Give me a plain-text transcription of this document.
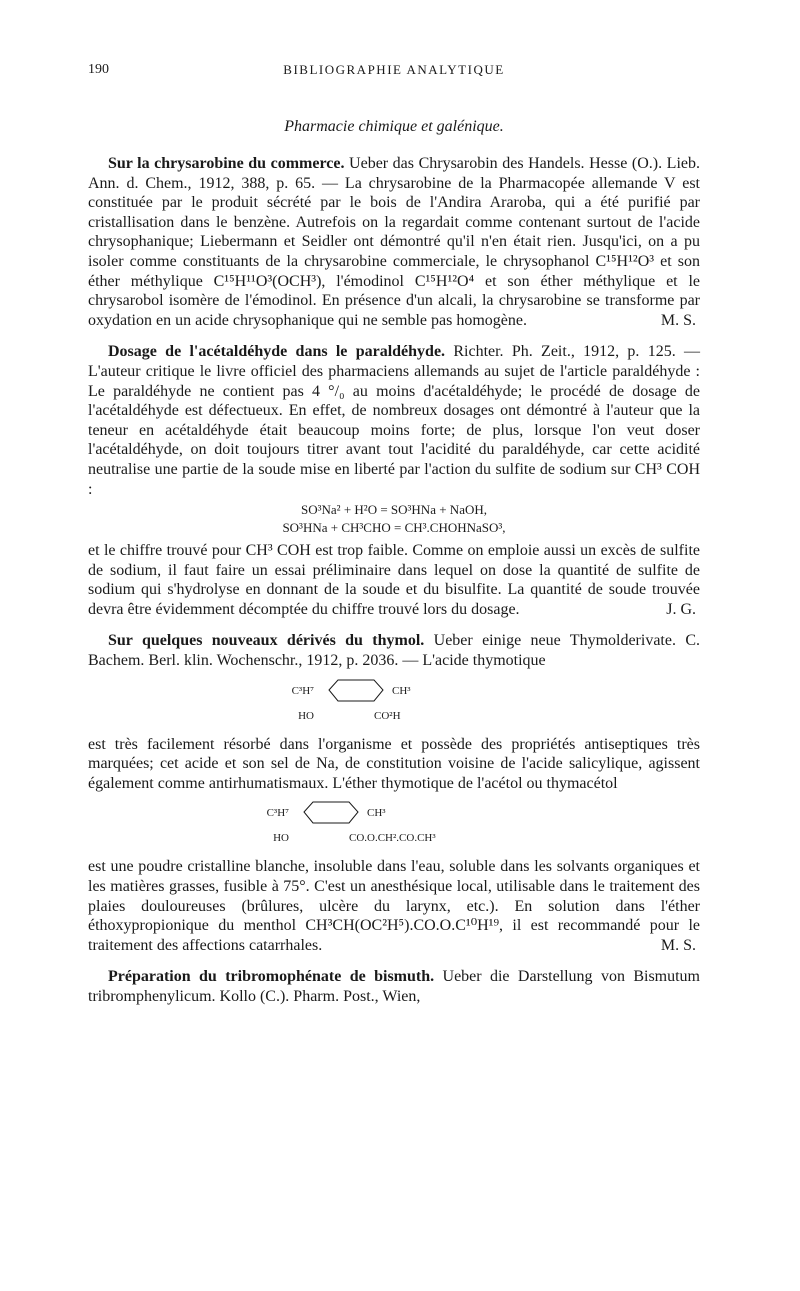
190	BIBLIOGRAPHIE ANALYTIQUE
Pharmacie chimique et galénique.

Sur la chrysarobine du commerce. Ueber das Chrysarobin des Handels. Hesse (O.). Lieb. Ann. d. Chem., 1912, 388, p. 65. — La chrysarobine de la Pharmacopée allemande V est constituée par le produit sécrété par le bois de l'Andira Araroba, qui a été purifié par cristallisation dans le benzène. Autrefois on la regardait comme contenant surtout de l'acide chrysophanique; Liebermann et Seidler ont démontré qu'il n'en était rien. Jusqu'ici, on a pu isoler comme constituants de la chrysarobine commerciale, le chrysophanol C¹⁵H¹²O³ et son éther méthylique C¹⁵H¹¹O³(OCH³), l'émodinol C¹⁵H¹²O⁴ et son éther méthylique et le chrysarobol isomère de l'émodinol. En présence d'un alcali, la chrysarobine se transforme par oxydation en un acide chrysophanique qui ne semble pas homogène.	M. S.

Dosage de l'acétaldéhyde dans le paraldéhyde. Richter. Ph. Zeit., 1912, p. 125. — L'auteur critique le livre officiel des pharmaciens allemands au sujet de l'article paraldéhyde : Le paraldéhyde ne contient pas 4 °/₀ au moins d'acétaldéhyde; le procédé de dosage de l'acétaldéhyde est défectueux. En effet, de nombreux dosages ont démontré à l'auteur que la teneur en acétaldéhyde était beaucoup moins forte; de plus, lorsque l'on veut doser l'acétaldéhyde, on doit toujours titrer avant tout l'acidité du paraldéhyde, car cette acidité neutralise une partie de la soude mise en liberté par l'action du sulfite de sodium sur CH³ COH :

SO³Na² + H²O = SO³HNa + NaOH,
SO³HNa + CH³CHO = CH³.CHOHNaSO³,

et le chiffre trouvé pour CH³ COH est trop faible. Comme on emploie aussi un excès de sulfite de sodium, il faut faire un essai préliminaire dans lequel on dose la quantité de sulfite de sodium qui s'hydrolyse en donnant de la soude et du bisulfite. La quantité de soude trouvée devra être évidemment décomptée du chiffre trouvé lors du dosage.	J. G.

Sur quelques nouveaux dérivés du thymol. Ueber einige neue Thymolderivate. C. Bachem. Berl. klin. Wochenschr., 1912, p. 2036. — L'acide thymotique

C³H⁷	CH³
HO	CO²H

est très facilement résorbé dans l'organisme et possède des propriétés antiseptiques très marquées; cet acide et son sel de Na, de constitution voisine de l'acide salicylique, agissent également comme antirhumatismaux. L'éther thymotique de l'acétol ou thymacétol

C³H⁷	CH³
HO	CO.O.CH².CO.CH³

est une poudre cristalline blanche, insoluble dans l'eau, soluble dans les solvants organiques et les matières grasses, fusible à 75°. C'est un anesthésique local, utilisable dans le traitement des plaies douloureuses (brûlures, ulcère du larynx, etc.). En solution dans l'éther éthoxypropionique du menthol CH³CH(OC²H⁵).CO.O.C¹⁰H¹⁹, il est recommandé pour le traitement des affections catarrhales.	M. S.

Préparation du tribromophénate de bismuth. Ueber die Darstellung von Bismutum tribromphenylicum. Kollo (C.). Pharm. Post., Wien,
